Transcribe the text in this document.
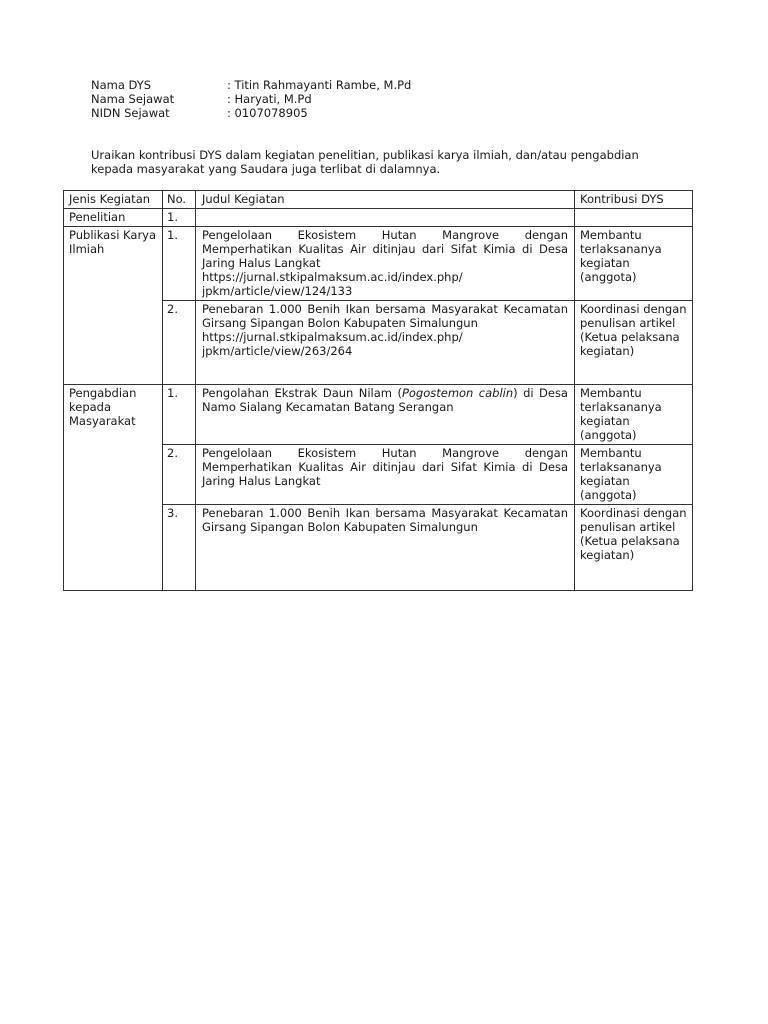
Nama DYS	: Titin Rahmayanti Rambe, M.Pd
Nama Sejawat	: Haryati, M.Pd
NIDN Sejawat	: 0107078905
Uraikan kontribusi DYS dalam kegiatan penelitian, publikasi karya ilmiah, dan/atau pengabdian kepada masyarakat yang Saudara juga terlibat di dalamnya.
Jenis Kegiatan	No.	Judul Kegiatan	Kontribusi DYS
Penelitian	1.		
Publikasi Karya Ilmiah	1.	Pengelolaan Ekosistem Hutan Mangrove dengan Memperhatikan Kualitas Air ditinjau dari Sifat Kimia di Desa Jaring Halus Langkat
https://jurnal.stkipalmaksum.ac.id/index.php/
jpkm/article/view/124/133	Membantu terlaksananya kegiatan (anggota)
	2.	Penebaran 1.000 Benih Ikan bersama Masyarakat Kecamatan Girsang Sipangan Bolon Kabupaten Simalungun
https://jurnal.stkipalmaksum.ac.id/index.php/
jpkm/article/view/263/264	Koordinasi dengan penulisan artikel (Ketua pelaksana kegiatan)
Pengabdian kepada Masyarakat	1.	Pengolahan Ekstrak Daun Nilam (Pogostemon cablin) di Desa Namo Sialang Kecamatan Batang Serangan	Membantu terlaksananya kegiatan (anggota)
	2.	Pengelolaan Ekosistem Hutan Mangrove dengan Memperhatikan Kualitas Air ditinjau dari Sifat Kimia di Desa Jaring Halus Langkat	Membantu terlaksananya kegiatan (anggota)
	3.	Penebaran 1.000 Benih Ikan bersama Masyarakat Kecamatan Girsang Sipangan Bolon Kabupaten Simalungun	Koordinasi dengan penulisan artikel (Ketua pelaksana kegiatan)
